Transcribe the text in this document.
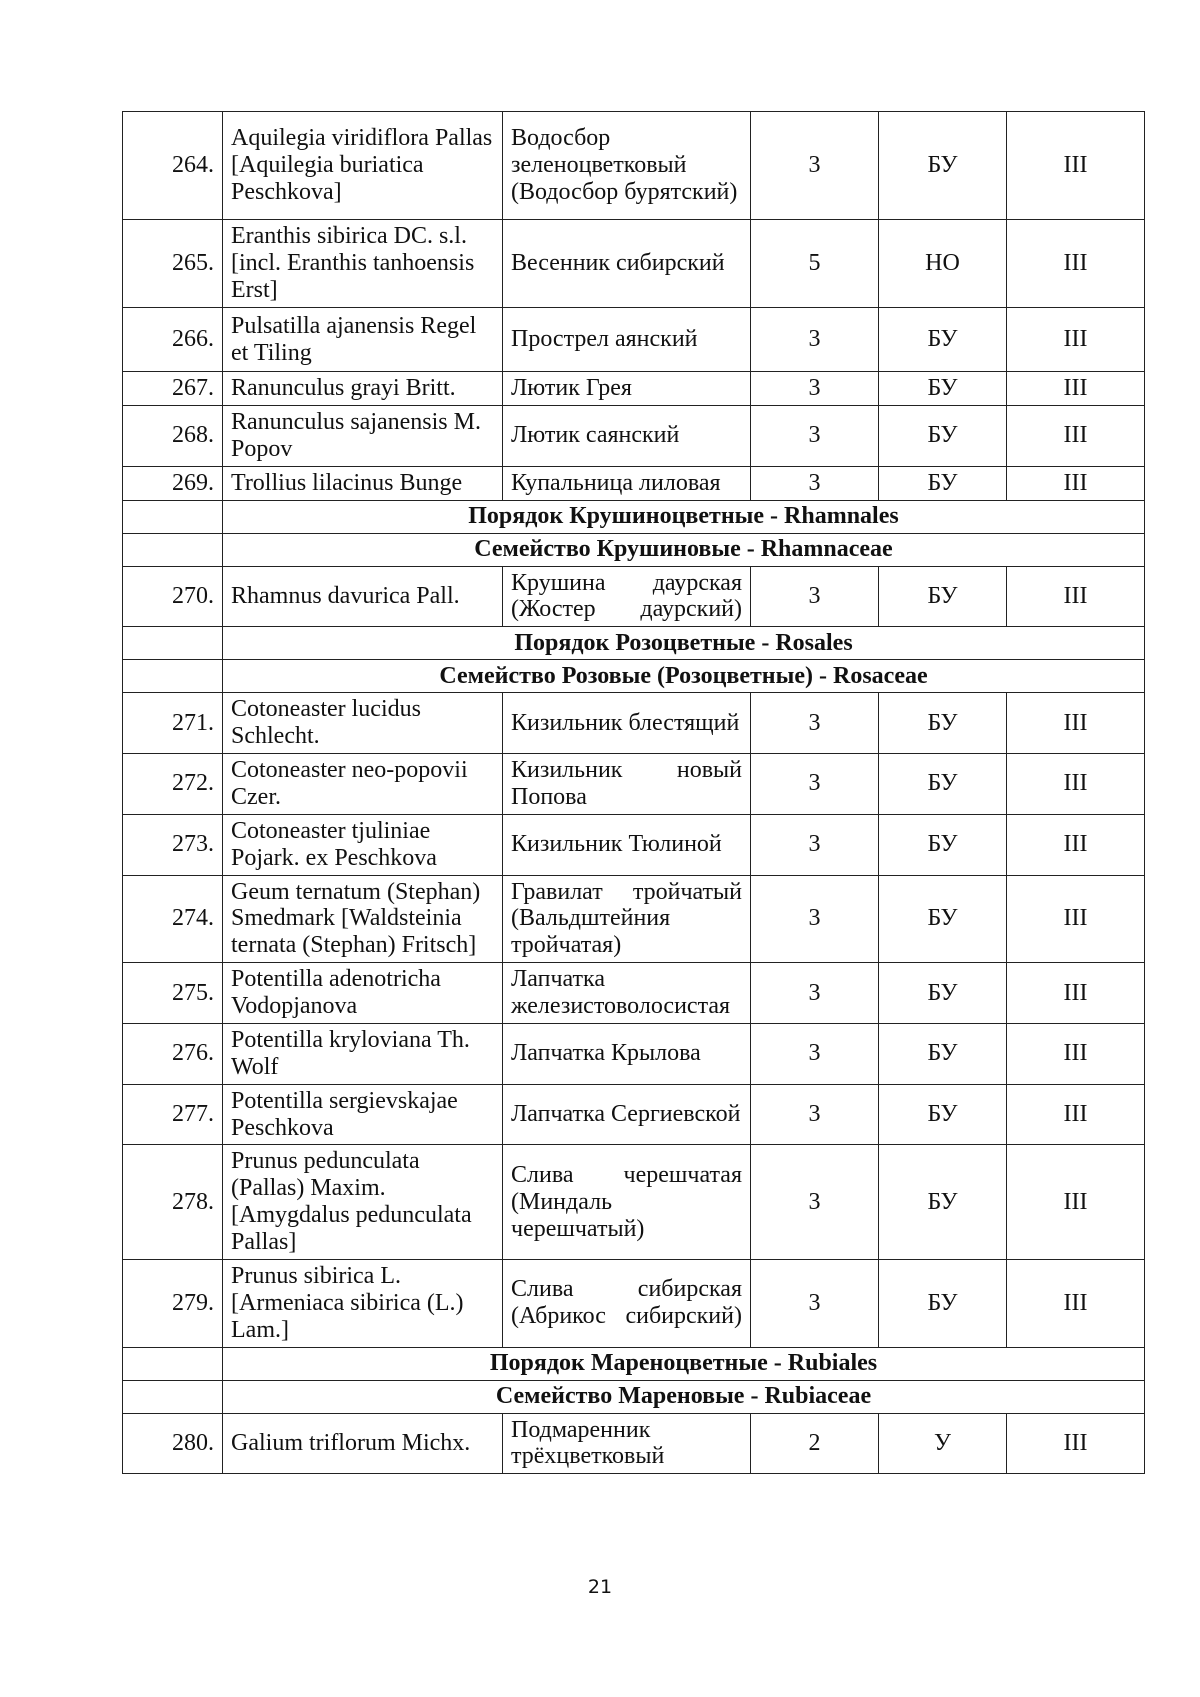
264.	Aquilegia viridiflora Pallas [Aquilegia buriatica Peschkova]	Водосбор зеленоцветковый (Водосбор бурятский)	3	БУ	III
265.	Eranthis sibirica DC. s.l. [incl. Eranthis tanhoensis Erst]	Весенник сибирский	5	НО	III
266.	Pulsatilla ajanensis Regel et Tiling	Прострел аянский	3	БУ	III
267.	Ranunculus grayi Britt.	Лютик Грея	3	БУ	III
268.	Ranunculus sajanensis M. Popov	Лютик саянский	3	БУ	III
269.	Trollius lilacinus Bunge	Купальница лиловая	3	БУ	III
	Порядок Крушиноцветные - Rhamnales				
	Семейство Крушиновые - Rhamnaceae				
270.	Rhamnus davurica Pall.	Крушина даурская (Жостер даурский)	3	БУ	III
	Порядок Розоцветные - Rosales				
	Семейство Розовые (Розоцветные) - Rosaceae				
271.	Cotoneaster lucidus Schlecht.	Кизильник блестящий	3	БУ	III
272.	Cotoneaster neo-popovii Czer.	Кизильник новый Попова	3	БУ	III
273.	Cotoneaster tjuliniae Pojark. ex Peschkova	Кизильник Тюлиной	3	БУ	III
274.	Geum ternatum (Stephan) Smedmark [Waldsteinia ternata (Stephan) Fritsch]	Гравилат тройчатый (Вальдштейния тройчатая)	3	БУ	III
275.	Potentilla adenotricha Vodopjanova	Лапчатка железистоволосистая	3	БУ	III
276.	Potentilla kryloviana Th. Wolf	Лапчатка Крылова	3	БУ	III
277.	Potentilla sergievskajae Peschkova	Лапчатка Сергиевской	3	БУ	III
278.	Prunus pedunculata (Pallas) Maxim. [Amygdalus pedunculata Pallas]	Слива черешчатая (Миндаль черешчатый)	3	БУ	III
279.	Prunus sibirica L. [Armeniaca sibirica (L.) Lam.]	Слива сибирская (Абрикос сибирский)	3	БУ	III
	Порядок Мареноцветные - Rubiales				
	Семейство Мареновые - Rubiaceae				
280.	Galium triflorum Michx.	Подмаренник трёхцветковый	2	У	III
21
